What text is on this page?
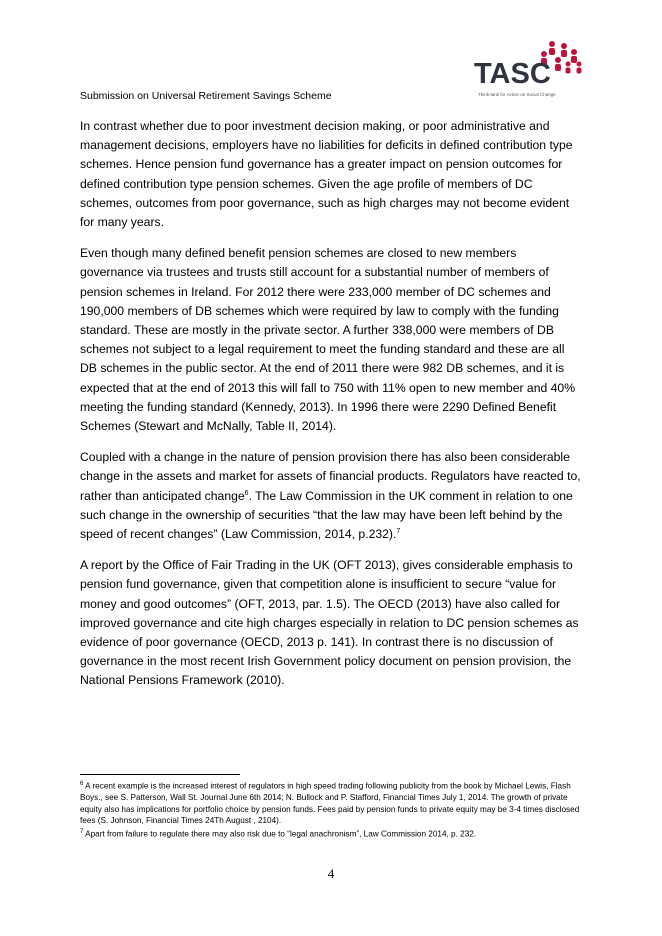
TASC
Think-tank for Action on Social Change
Submission on Universal Retirement Savings Scheme

In contrast whether due to poor investment decision making, or poor administrative and management decisions, employers have no liabilities for deficits in defined contribution type schemes. Hence pension fund governance has a greater impact on pension outcomes for defined contribution type pension schemes. Given the age profile of members of DC schemes, outcomes from poor governance, such as high charges may not become evident for many years.

Even though many defined benefit pension schemes are closed to new members governance via trustees and trusts still account for a substantial number of members of pension schemes in Ireland. For 2012 there were 233,000 member of DC schemes and 190,000 members of DB schemes which were required by law to comply with the funding standard. These are mostly in the private sector. A further 338,000 were members of DB schemes not subject to a legal requirement to meet the funding standard and these are all DB schemes in the public sector. At the end of 2011 there were 982 DB schemes, and it is expected that at the end of 2013 this will fall to 750 with 11% open to new member and 40% meeting the funding standard (Kennedy, 2013). In 1996 there were 2290 Defined Benefit Schemes (Stewart and McNally, Table II, 2014).

Coupled with a change in the nature of pension provision there has also been considerable change in the assets and market for assets of financial products. Regulators have reacted to, rather than anticipated change$^6$. The Law Commission in the UK comment in relation to one such change in the ownership of securities “that the law may have been left behind by the speed of recent changes” (Law Commission, 2014, p.232).$^7$

A report by the Office of Fair Trading in the UK (OFT 2013), gives considerable emphasis to pension fund governance, given that competition alone is insufficient to secure “value for money and good outcomes” (OFT, 2013, par. 1.5). The OECD (2013) have also called for improved governance and cite high charges especially in relation to DC pension schemes as evidence of poor governance (OECD, 2013 p. 141). In contrast there is no discussion of governance in the most recent Irish Government policy document on pension provision, the National Pensions Framework (2010).

$^6$ A recent example is the increased interest of regulators in high speed trading following publicity from the book by Michael Lewis, Flash Boys., see S. Patterson, Wall St. Journal June 6th 2014; N. Bullock and P. Stafford, Financial Times July 1, 2014. The growth of private equity also has implications for portfolio choice by pension funds. Fees paid by pension funds to private equity may be 3-4 times disclosed fees (S. Johnson, Financial Times 24Th August , 2104).

$^7$ Apart from failure to regulate there may also risk due to “legal anachronism”, Law Commission 2014, p. 232.

4
